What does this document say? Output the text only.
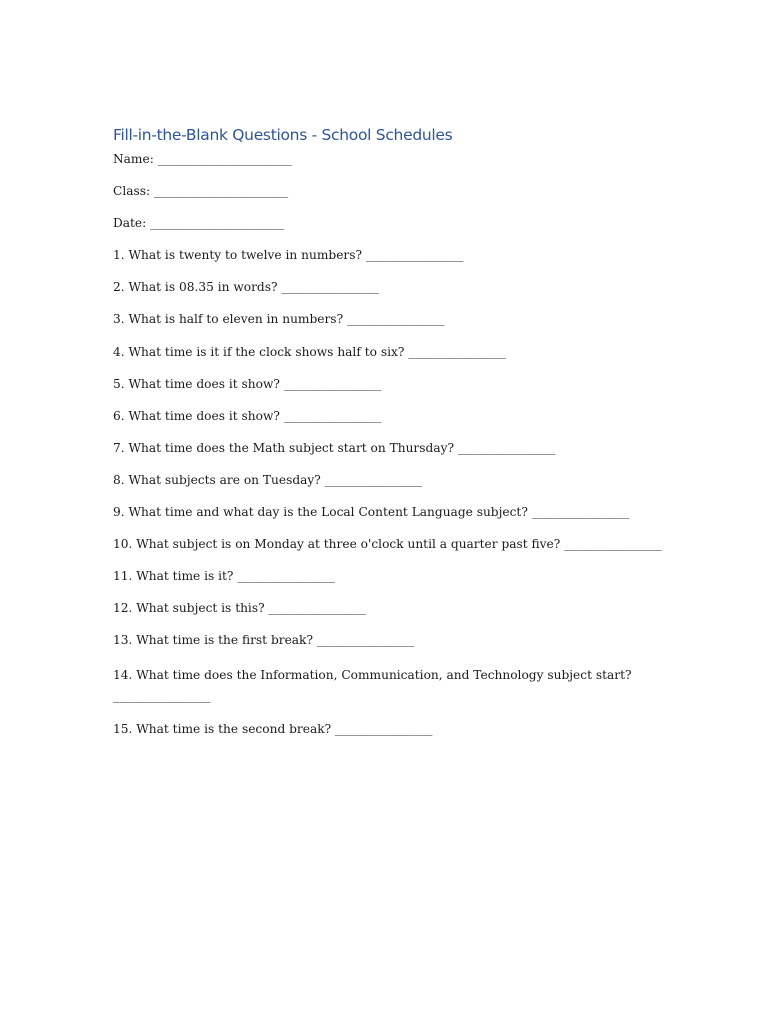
Fill-in-the-Blank Questions - School Schedules
Name: ______________________
Class: ______________________
Date: ______________________
1. What is twenty to twelve in numbers? ________________
2. What is 08.35 in words? ________________
3. What is half to eleven in numbers? ________________
4. What time is it if the clock shows half to six? ________________
5. What time does it show? ________________
6. What time does it show? ________________
7. What time does the Math subject start on Thursday? ________________
8. What subjects are on Tuesday? ________________
9. What time and what day is the Local Content Language subject? ________________
10. What subject is on Monday at three o'clock until a quarter past five? ________________
11. What time is it? ________________
12. What subject is this? ________________
13. What time is the first break? ________________
14. What time does the Information, Communication, and Technology subject start? ________________
15. What time is the second break? ________________
